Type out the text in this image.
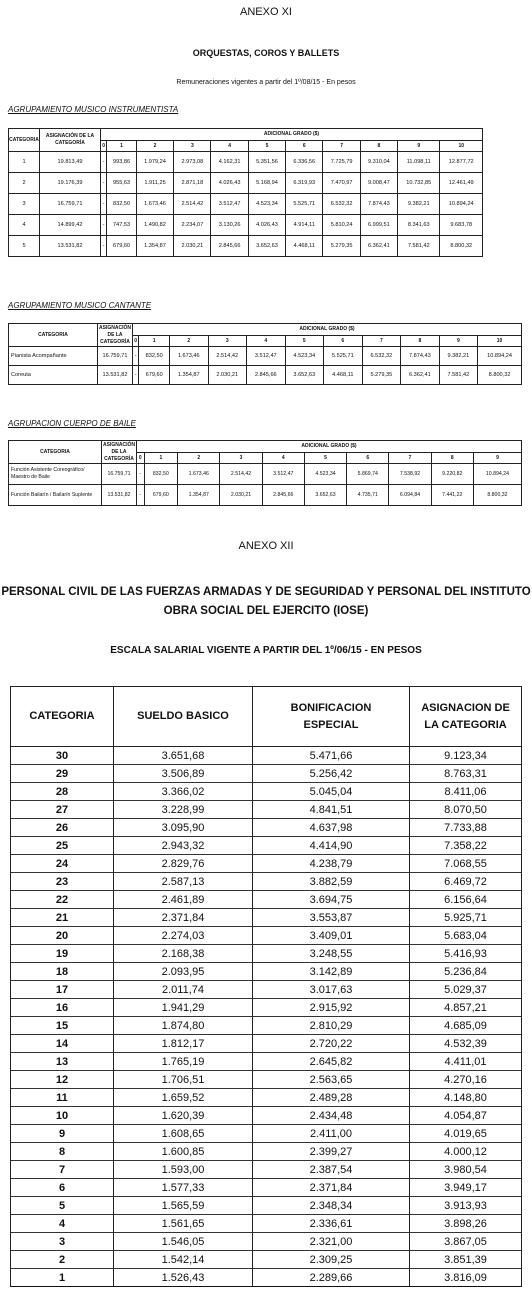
ANEXO XI
ORQUESTAS, COROS Y BALLETS
Remuneraciones vigentes a partir del 1º/08/15 - En pesos
AGRUPAMIENTO MUSICO INSTRUMENTISTA
CATEGORIA	ASIGNACIÓN DE LA CATEGORÍA	ADICIONAL GRADO ($)										
		0	1	2	3	4	5	6	7	8	9	10
1	19.813,49	-	993,86	1.979,24	2.973,08	4.162,31	5.351,56	6.336,56	7.725,79	9.310,04	11.098,11	12.877,72
2	19.176,39	-	955,63	1.911,25	2.871,18	4.026,43	5.168,94	6.319,93	7.470,97	9.008,47	10.732,85	12.461,49
3	16.759,71	-	832,50	1.673,46	2.514,42	3.512,47	4.523,34	5.525,71	6.532,32	7.874,43	9.382,21	10.894,24
4	14.899,42	-	747,53	1.490,82	2.234,07	3.130,26	4.026,43	4.914,11	5.810,24	6.999,51	8.341,63	9.683,78
5	13.531,82	-	679,60	1.354,87	2.030,21	2.845,66	3.652,63	4.468,11	5.279,35	6.362,41	7.581,42	8.800,32
AGRUPAMIENTO MUSICO CANTANTE
CATEGORIA	ASIGNACIÓN DE LA CATEGORÍA	ADICIONAL GRADO ($)										
		0	1	2	3	4	5	6	7	8	9	10
Pianista Acompañante	16.759,71	-	832,50	1.673,46	2.514,42	3.512,47	4.523,34	5.525,71	6.532,32	7.874,43	9.382,21	10.894,24
Coreuta	13.531,82	-	679,60	1.354,87	2.030,21	2.845,66	3.652,63	4.468,11	5.279,35	6.362,41	7.581,42	8.800,32
AGRUPACION CUERPO DE BAILE
CATEGORIA	ASIGNACIÓN DE LA CATEGORÍA	ADICIONAL GRADO ($)									
		0	1	2	3	4	5	6	7	8	9
Función Asistente Coreográfico/ Maestro de Baile	16.759,71	-	832,50	1.673,46	2.514,42	3.512,47	4.523,34	5.869,74	7.538,92	9.220,82	10.894,24
Función Bailarín / Bailarín Suplente	13.531,82	-	679,60	1.354,87	2.030,21	2.845,66	3.652,63	4.735,71	6.094,84	7.441,22	8.800,32
ANEXO XII
PERSONAL CIVIL DE LAS FUERZAS ARMADAS Y DE SEGURIDAD Y PERSONAL DEL INSTITUTO
OBRA SOCIAL DEL EJERCITO (IOSE)
ESCALA SALARIAL VIGENTE A PARTIR DEL 1º/06/15 - EN PESOS
CATEGORIA	SUELDO BASICO	BONIFICACION ESPECIAL	ASIGNACION DE LA CATEGORIA
30	3.651,68	5.471,66	9.123,34
29	3.506,89	5.256,42	8.763,31
28	3.366,02	5.045,04	8.411,06
27	3.228,99	4.841,51	8.070,50
26	3.095,90	4.637,98	7.733,88
25	2.943,32	4.414,90	7.358,22
24	2.829,76	4.238,79	7.068,55
23	2.587,13	3.882,59	6.469,72
22	2.461,89	3.694,75	6.156,64
21	2.371,84	3.553,87	5.925,71
20	2.274,03	3.409,01	5.683,04
19	2.168,38	3.248,55	5.416,93
18	2.093,95	3.142,89	5.236,84
17	2.011,74	3.017,63	5.029,37
16	1.941,29	2.915,92	4.857,21
15	1.874,80	2.810,29	4.685,09
14	1.812,17	2.720,22	4.532,39
13	1.765,19	2.645,82	4.411,01
12	1.706,51	2.563,65	4.270,16
11	1.659,52	2.489,28	4.148,80
10	1.620,39	2.434,48	4.054,87
9	1.608,65	2.411,00	4.019,65
8	1.600,85	2.399,27	4.000,12
7	1.593,00	2.387,54	3.980,54
6	1.577,33	2.371,84	3.949,17
5	1.565,59	2.348,34	3.913,93
4	1.561,65	2.336,61	3.898,26
3	1.546,05	2.321,00	3.867,05
2	1.542,14	2.309,25	3.851,39
1	1.526,43	2.289,66	3.816,09
